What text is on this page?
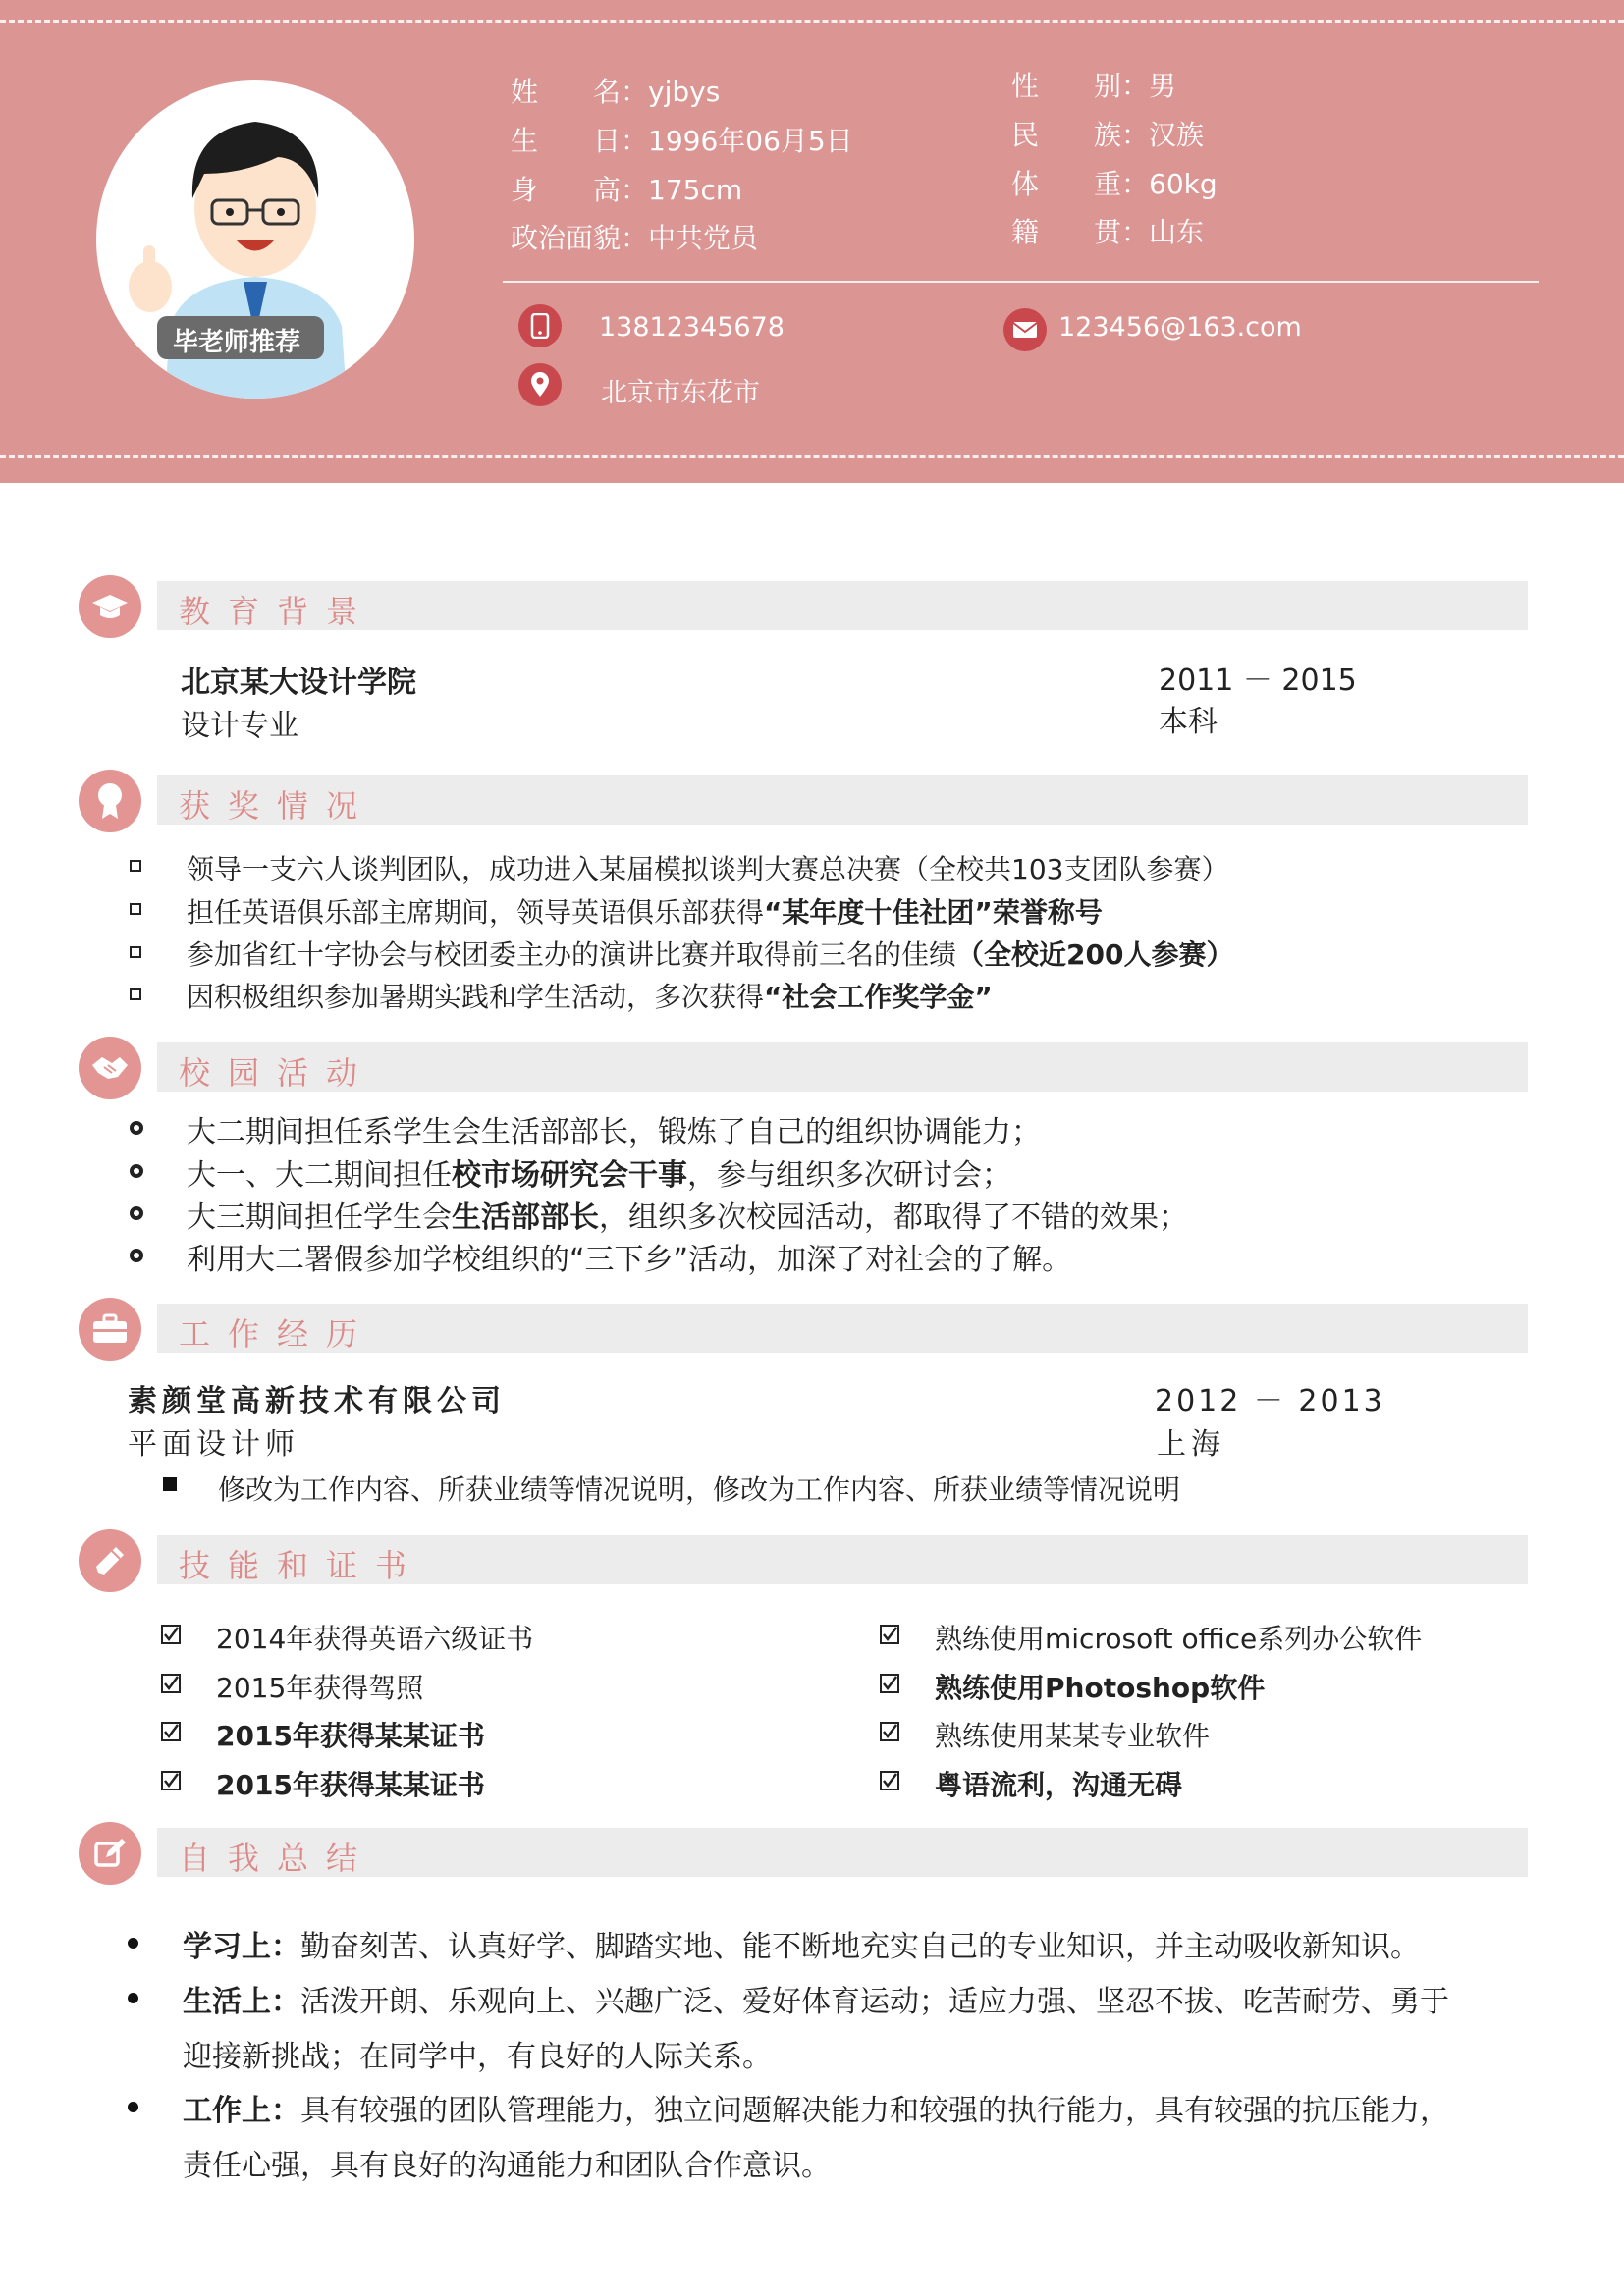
毕老师推荐
姓　　名：yjbys
生　　日：1996年06月5日
身　　高：175cm
政治面貌：中共党员
性　　别：男
民　　族：汉族
体　　重：60kg
籍　　贯：山东
13812345678	123456@163.com
北京市东花市
教育背景
北京某大设计学院
设计专业
2011 － 2015
本科
获奖情况
领导一支六人谈判团队，成功进入某届模拟谈判大赛总决赛（全校共103支团队参赛）
担任英语俱乐部主席期间，领导英语俱乐部获得“某年度十佳社团”荣誉称号
参加省红十字协会与校团委主办的演讲比赛并取得前三名的佳绩（全校近200人参赛）
因积极组织参加暑期实践和学生活动，多次获得“社会工作奖学金”
校园活动
大二期间担任系学生会生活部部长，锻炼了自己的组织协调能力；
大一、大二期间担任校市场研究会干事，参与组织多次研讨会；
大三期间担任学生会生活部部长，组织多次校园活动，都取得了不错的效果；
利用大二署假参加学校组织的“三下乡”活动，加深了对社会的了解。
工作经历
素颜堂高新技术有限公司
平面设计师
2012 － 2013
上海
修改为工作内容、所获业绩等情况说明，修改为工作内容、所获业绩等情况说明
技能和证书
2014年获得英语六级证书
2015年获得驾照
2015年获得某某证书
2015年获得某某证书
熟练使用microsoft office系列办公软件
熟练使用Photoshop软件
熟练使用某某专业软件
粤语流利，沟通无碍
自我总结
学习上：勤奋刻苦、认真好学、脚踏实地、能不断地充实自己的专业知识，并主动吸收新知识。
生活上：活泼开朗、乐观向上、兴趣广泛、爱好体育运动；适应力强、坚忍不拔、吃苦耐劳、勇于
迎接新挑战；在同学中，有良好的人际关系。
工作上：具有较强的团队管理能力，独立问题解决能力和较强的执行能力，具有较强的抗压能力，
责任心强，具有良好的沟通能力和团队合作意识。
